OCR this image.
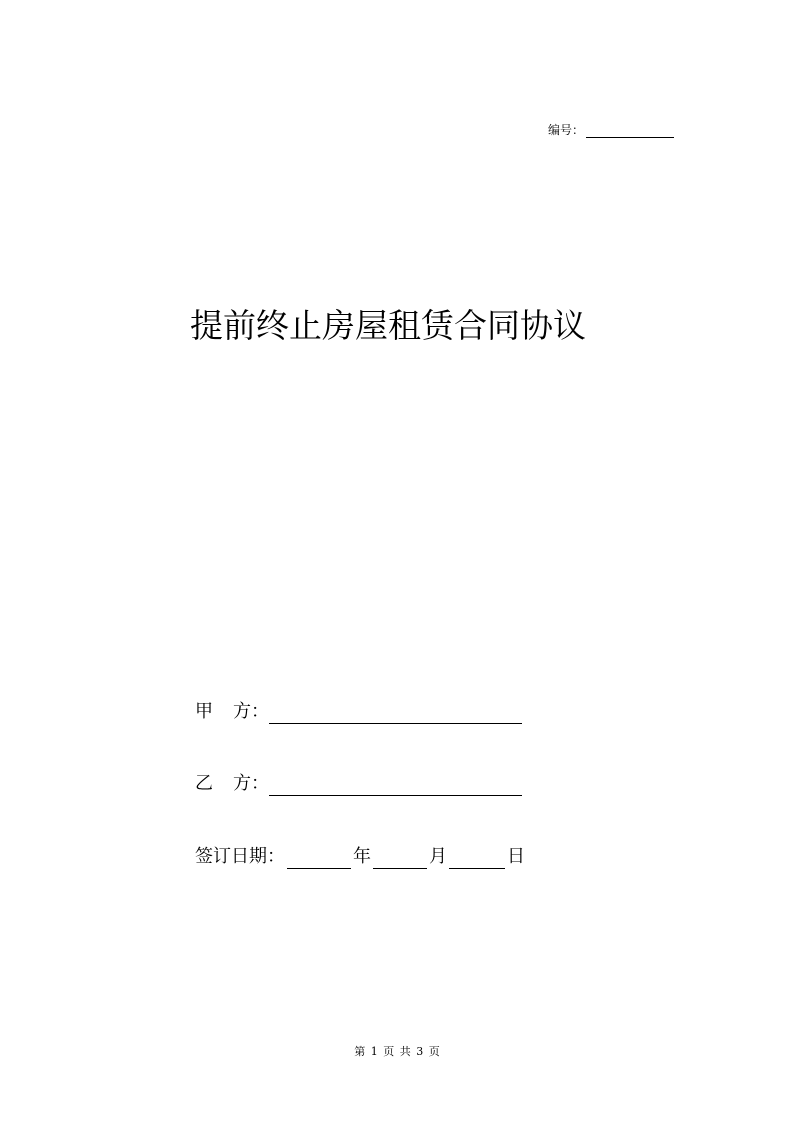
编号：
提前终止房屋租赁合同协议
甲 方：
乙 方：
签订日期：	年	月	日
第 1 页 共 3 页
